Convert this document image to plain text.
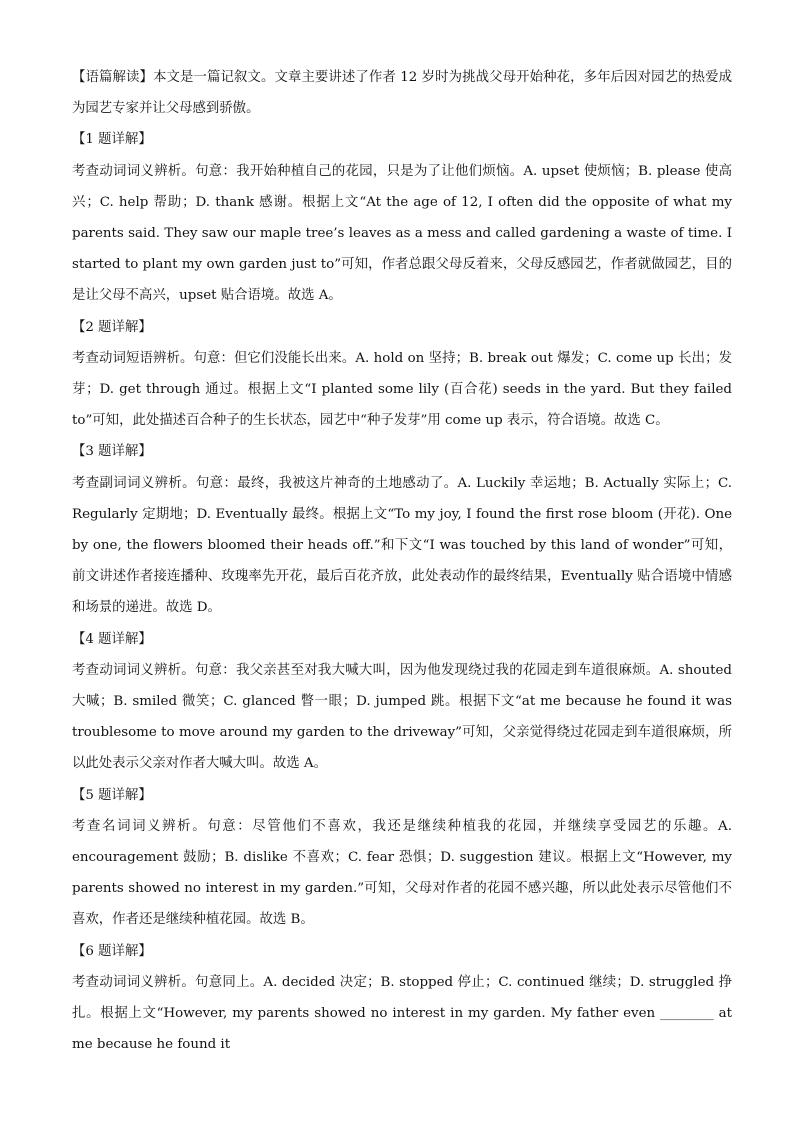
【语篇解读】本文是一篇记叙文。文章主要讲述了作者 12 岁时为挑战父母开始种花，多年后因对园艺的热爱成为园艺专家并让父母感到骄傲。

【1 题详解】

考查动词词义辨析。句意：我开始种植自己的花园，只是为了让他们烦恼。A. upset 使烦恼；B. please 使高兴；C. help 帮助；D. thank 感谢。根据上文“At the age of 12, I often did the opposite of what my parents said. They saw our maple tree’s leaves as a mess and called gardening a waste of time. I started to plant my own garden just to”可知，作者总跟父母反着来，父母反感园艺，作者就做园艺，目的是让父母不高兴，upset 贴合语境。故选 A。

【2 题详解】

考查动词短语辨析。句意：但它们没能长出来。A. hold on 坚持；B. break out 爆发；C. come up 长出；发芽；D. get through 通过。根据上文“I planted some lily (百合花) seeds in the yard. But they failed to”可知，此处描述百合种子的生长状态，园艺中“种子发芽”用 come up 表示，符合语境。故选 C。

【3 题详解】

考查副词词义辨析。句意：最终，我被这片神奇的土地感动了。A. Luckily 幸运地；B. Actually 实际上；C. Regularly 定期地；D. Eventually 最终。根据上文“To my joy, I found the first rose bloom (开花). One by one, the flowers bloomed their heads off.”和下文“I was touched by this land of wonder”可知，前文讲述作者接连播种、玫瑰率先开花，最后百花齐放，此处表动作的最终结果，Eventually 贴合语境中情感和场景的递进。故选 D。

【4 题详解】

考查动词词义辨析。句意：我父亲甚至对我大喊大叫，因为他发现绕过我的花园走到车道很麻烦。A. shouted 大喊；B. smiled 微笑；C. glanced 瞥一眼；D. jumped 跳。根据下文“at me because he found it was troublesome to move around my garden to the driveway”可知，父亲觉得绕过花园走到车道很麻烦，所以此处表示父亲对作者大喊大叫。故选 A。

【5 题详解】

考查名词词义辨析。句意：尽管他们不喜欢，我还是继续种植我的花园，并继续享受园艺的乐趣。A. encouragement 鼓励；B. dislike 不喜欢；C. fear 恐惧；D. suggestion 建议。根据上文“However, my parents showed no interest in my garden.”可知，父母对作者的花园不感兴趣，所以此处表示尽管他们不喜欢，作者还是继续种植花园。故选 B。

【6 题详解】

考查动词词义辨析。句意同上。A. decided 决定；B. stopped 停止；C. continued 继续；D. struggled 挣扎。根据上文“However, my parents showed no interest in my garden. My father even ________ at me because he found it
